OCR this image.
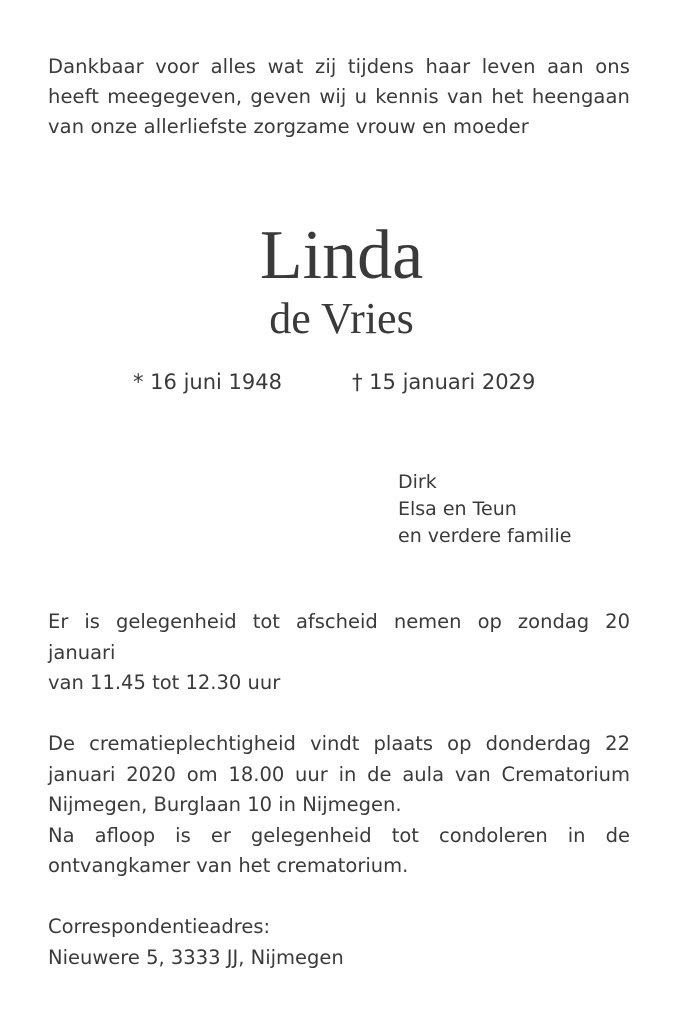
Dankbaar voor alles wat zij tijdens haar leven aan ons
heeft meegegeven, geven wij u kennis van het heengaan
van onze allerliefste zorgzame vrouw en moeder
Linda
de Vries
* 16 juni 1948	† 15 januari 2029
Dirk
Elsa en Teun
en verdere familie
Er is gelegenheid tot afscheid nemen op zondag 20
januari
van 11.45 tot 12.30 uur
De crematieplechtigheid vindt plaats op donderdag 22
januari 2020 om 18.00 uur in de aula van Crematorium
Nijmegen, Burglaan 10 in Nijmegen.
Na afloop is er gelegenheid tot condoleren in de
ontvangkamer van het crematorium.
Correspondentieadres:
Nieuwere 5, 3333 JJ, Nijmegen
